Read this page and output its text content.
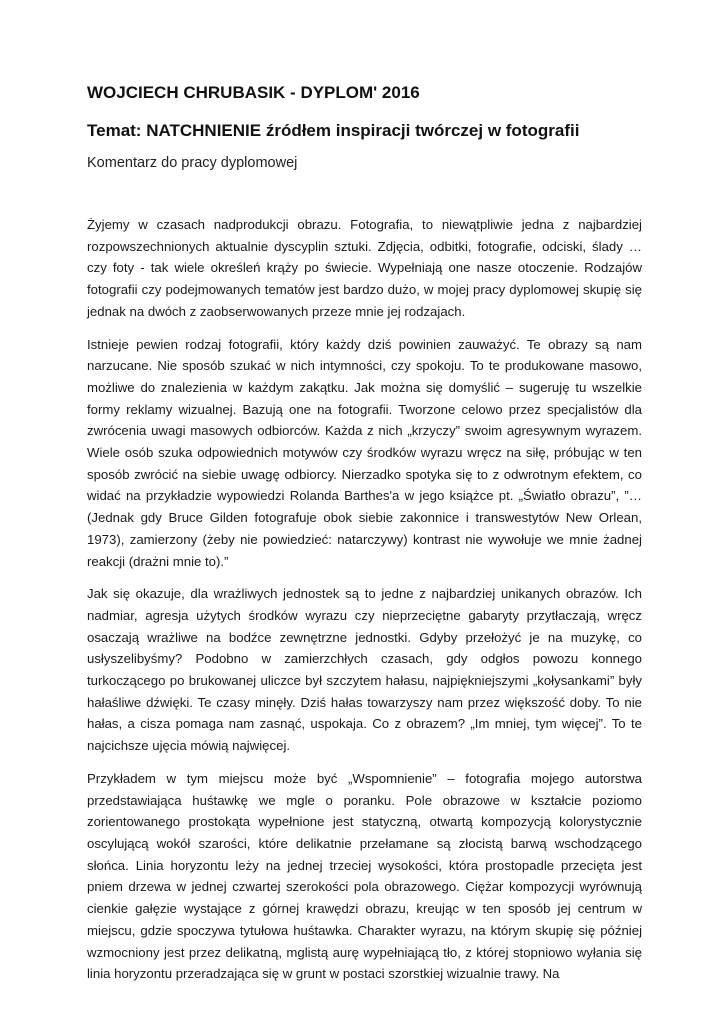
WOJCIECH CHRUBASIK - DYPLOM' 2016
Temat: NATCHNIENIE źródłem inspiracji twórczej w fotografii

Komentarz do pracy dyplomowej

Żyjemy w czasach nadprodukcji obrazu. Fotografia, to niewątpliwie jedna z najbardziej rozpowszechnionych aktualnie dyscyplin sztuki. Zdjęcia, odbitki, fotografie, odciski, ślady … czy foty - tak wiele określeń krąży po świecie. Wypełniają one nasze otoczenie. Rodzajów fotografii czy podejmowanych tematów jest bardzo dużo, w mojej pracy dyplomowej skupię się jednak na dwóch z zaobserwowanych przeze mnie jej rodzajach.

Istnieje pewien rodzaj fotografii, który każdy dziś powinien zauważyć. Te obrazy są nam narzucane. Nie sposób szukać w nich intymności, czy spokoju. To te produkowane masowo, możliwe do znalezienia w każdym zakątku. Jak można się domyślić – sugeruję tu wszelkie formy reklamy wizualnej. Bazują one na fotografii. Tworzone celowo przez specjalistów dla zwrócenia uwagi masowych odbiorców. Każda z nich „krzyczy” swoim agresywnym wyrazem. Wiele osób szuka odpowiednich motywów czy środków wyrazu wręcz na siłę, próbując w ten sposób zwrócić na siebie uwagę odbiorcy. Nierzadko spotyka się to z odwrotnym efektem, co widać na przykładzie wypowiedzi Rolanda Barthes'a w jego książce pt. „Światło obrazu”, ”… (Jednak gdy Bruce Gilden fotografuje obok siebie zakonnice i transwestytów New Orlean, 1973), zamierzony (żeby nie powiedzieć: natarczywy) kontrast nie wywołuje we mnie żadnej reakcji (drażni mnie to).”

Jak się okazuje, dla wrażliwych jednostek są to jedne z najbardziej unikanych obrazów. Ich nadmiar, agresja użytych środków wyrazu czy nieprzeciętne gabaryty przytłaczają, wręcz osaczają wrażliwe na bodźce zewnętrzne jednostki. Gdyby przełożyć je na muzykę, co usłyszelibyśmy? Podobno w zamierzchłych czasach, gdy odgłos powozu konnego turkoczącego po brukowanej uliczce był szczytem hałasu, najpiękniejszymi „kołysankami” były hałaśliwe dźwięki. Te czasy minęły. Dziś hałas towarzyszy nam przez większość doby. To nie hałas, a cisza pomaga nam zasnąć, uspokaja. Co z obrazem? „Im mniej, tym więcej”. To te najcichsze ujęcia mówią najwięcej.

Przykładem w tym miejscu może być „Wspomnienie” – fotografia mojego autorstwa przedstawiająca huśtawkę we mgle o poranku. Pole obrazowe w kształcie poziomo zorientowanego prostokąta wypełnione jest statyczną, otwartą kompozycją kolorystycznie oscylującą wokół szarości, które delikatnie przełamane są złocistą barwą wschodzącego słońca. Linia horyzontu leży na jednej trzeciej wysokości, która prostopadle przecięta jest pniem drzewa w jednej czwartej szerokości pola obrazowego. Ciężar kompozycji wyrównują cienkie gałęzie wystające z górnej krawędzi obrazu, kreując w ten sposób jej centrum w miejscu, gdzie spoczywa tytułowa huśtawka. Charakter wyrazu, na którym skupię się później wzmocniony jest przez delikatną, mglistą aurę wypełniającą tło, z której stopniowo wyłania się linia horyzontu przeradzająca się w grunt w postaci szorstkiej wizualnie trawy. Na
